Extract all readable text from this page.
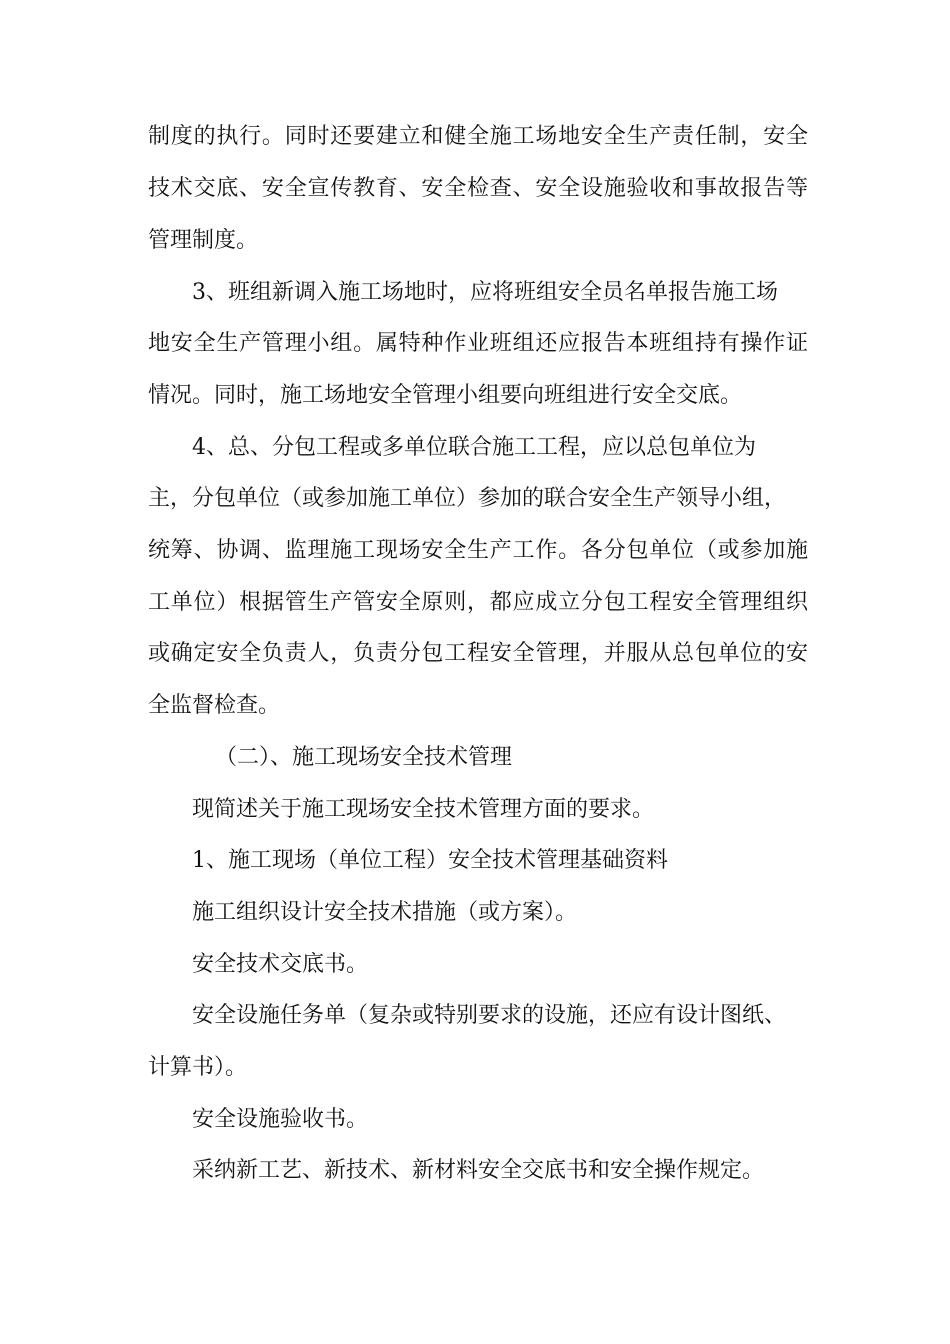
制度的执行。同时还要建立和健全施工场地安全生产责任制，安全
技术交底、安全宣传教育、安全检查、安全设施验收和事故报告等
管理制度。
3、班组新调入施工场地时，应将班组安全员名单报告施工场
地安全生产管理小组。属特种作业班组还应报告本班组持有操作证
情况。同时，施工场地安全管理小组要向班组进行安全交底。
4、总、分包工程或多单位联合施工工程，应以总包单位为
主，分包单位（或参加施工单位）参加的联合安全生产领导小组，
统筹、协调、监理施工现场安全生产工作。各分包单位（或参加施
工单位）根据管生产管安全原则，都应成立分包工程安全管理组织
或确定安全负责人，负责分包工程安全管理，并服从总包单位的安
全监督检查。
（二）、施工现场安全技术管理
现简述关于施工现场安全技术管理方面的要求。
1、施工现场（单位工程）安全技术管理基础资料
施工组织设计安全技术措施（或方案）。
安全技术交底书。
安全设施任务单（复杂或特别要求的设施，还应有设计图纸、
计算书）。
安全设施验收书。
采纳新工艺、新技术、新材料安全交底书和安全操作规定。
